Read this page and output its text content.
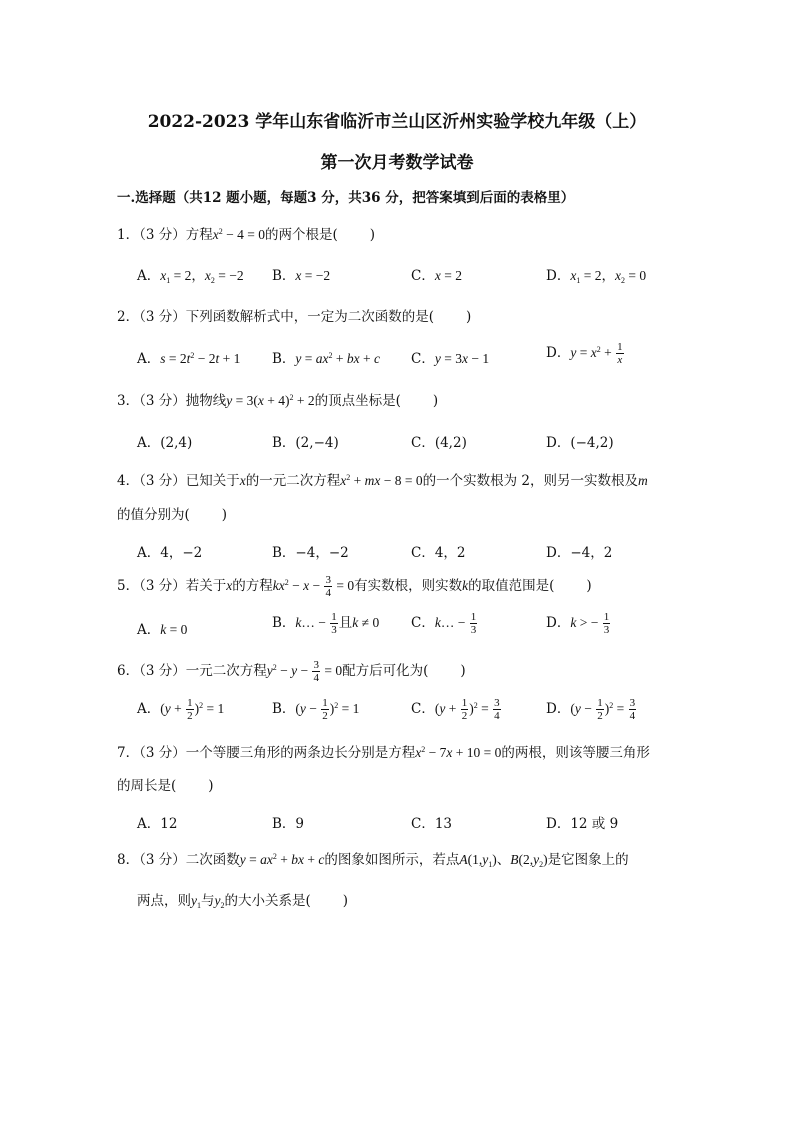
2022-2023 学年山东省临沂市兰山区沂州实验学校九年级（上）
第一次月考数学试卷
一.选择题（共12 题小题，每题3 分，共36 分，把答案填到后面的表格里）
1．（3 分）方程$x^2 - 4 = 0$的两个根是( )
A．$x_1 = 2$，$x_2 = -2$ B．x = −2	C．x = 2	D．$x_1 = 2$，$x_2 = 0$
2．（3 分）下列函数解析式中，一定为二次函数的是( )
A．$s = 2t^2 - 2t + 1$ B．$y = ax^2$ + bx + c C．y = 3x − 1	D．$y = x^2 + \frac{1}{x}$
3．（3 分）抛物线$y = 3(x + 4)^2 + 2$的顶点坐标是( )
A．(2,4)	B．(2,−4)	C．(4,2)	D．(−4,2)
4．（3 分）已知关于x的一元二次方程$x^2$ + mx − 8 = 0的一个实数根为 2，则另一实数根及m
的值分别为( )
A．4，−2	B．−4，−2	C．4，2	D．−4，2
5．（3 分）若关于x的方程$kx^2 - x - \frac{3}{4} = 0$有实数根，则实数k的取值范围是( )
A．k = 0	B．k… − $\frac{1}{3}$ 且k ≠ 0 C．k… − $\frac{1}{3}$	D．k > − $\frac{1}{3}$
6．（3 分）一元二次方程$y^2 - y - \frac{3}{4} = 0$配方后可化为( )
A．$(y + \frac{1}{2} )^2 = 1$	B．$(y - \frac{1}{2} )^2 = 1$	C．$(y + \frac{1}{2} )^2 = \frac{3}{4}$	D．$(y - \frac{1}{2} )^2 = \frac{3}{4}$
7．（3 分）一个等腰三角形的两条边长分别是方程$x^2 - 7x + 10 = 0$的两根，则该等腰三角形
的周长是( )
A．12	B．9	C．13	D．12 或 9
8．（3 分）二次函数$y = ax^2$ + bx + c的图象如图所示，若点$A(1,y_1)$、$B(2,y_2)$是它图象上的
两点，则$y_1$与$y_2$的大小关系是( )
